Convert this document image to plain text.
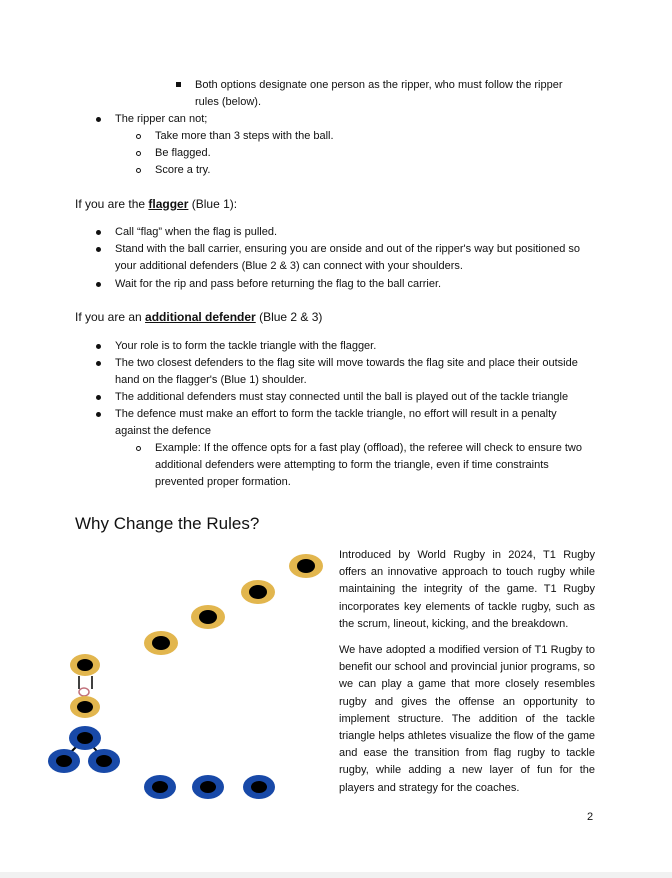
Both options designate one person as the ripper, who must follow the ripper
rules (below).
The ripper can not;
Take more than 3 steps with the ball.
Be flagged.
Score a try.
If you are the flagger (Blue 1):
Call “flag” when the flag is pulled.
Stand with the ball carrier, ensuring you are onside and out of the ripper's way but positioned so
your additional defenders (Blue 2 & 3) can connect with your shoulders.
Wait for the rip and pass before returning the flag to the ball carrier.
If you are an additional defender (Blue 2 & 3)
Your role is to form the tackle triangle with the flagger.
The two closest defenders to the flag site will move towards the flag site and place their outside
hand on the flagger's (Blue 1) shoulder.
The additional defenders must stay connected until the ball is played out of the tackle triangle
The defence must make an effort to form the tackle triangle, no effort will result in a penalty
against the defence
Example: If the offence opts for a fast play (offload), the referee will check to ensure two
additional defenders were attempting to form the triangle, even if time constraints
prevented proper formation.
Why Change the Rules?
Introduced by World Rugby in 2024, T1 Rugby offers an innovative approach to touch rugby while maintaining the integrity of the game. T1 Rugby incorporates key elements of tackle rugby, such as the scrum, lineout, kicking, and the breakdown.
We have adopted a modified version of T1 Rugby to benefit our school and provincial junior programs, so we can play a game that more closely resembles rugby and gives the offense an opportunity to implement structure. The addition of the tackle triangle helps athletes visualize the flow of the game and ease the transition from flag rugby to tackle rugby, while adding a new layer of fun for the players and strategy for the coaches.
2
